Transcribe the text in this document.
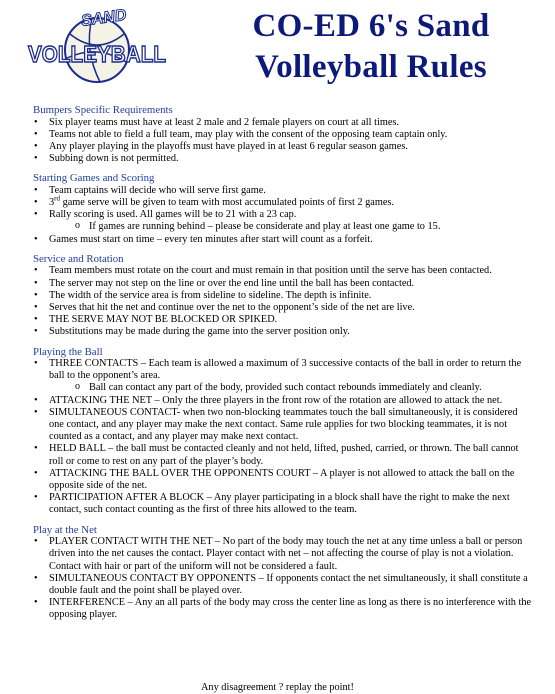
SAND
VOLLEYBALL
CO-ED 6's Sand
Volleyball Rules
Bumpers Specific Requirements
• Six player teams must have at least 2 male and 2 female players on court at all times.
• Teams not able to field a full team, may play with the consent of the opposing team captain only.
• Any player playing in the playoffs must have played in at least 6 regular season games.
• Subbing down is not permitted.
Starting Games and Scoring
• Team captains will decide who will serve first game.
• 3rd game serve will be given to team with most accumulated points of first 2 games.
• Rally scoring is used. All games will be to 21 with a 23 cap.
o If games are running behind – please be considerate and play at least one game to 15.
• Games must start on time – every ten minutes after start will count as a forfeit.
Service and Rotation
• Team members must rotate on the court and must remain in that position until the serve has been contacted.
• The server may not step on the line or over the end line until the ball has been contacted.
• The width of the service area is from sideline to sideline. The depth is infinite.
• Serves that hit the net and continue over the net to the opponent’s side of the net are live.
• THE SERVE MAY NOT BE BLOCKED OR SPIKED.
• Substitutions may be made during the game into the server position only.
Playing the Ball
• THREE CONTACTS – Each team is allowed a maximum of 3 successive contacts of the ball in order to return the ball to the opponent’s area.
o Ball can contact any part of the body, provided such contact rebounds immediately and cleanly.
• ATTACKING THE NET – Only the three players in the front row of the rotation are allowed to attack the net.
• SIMULTANEOUS CONTACT- when two non-blocking teammates touch the ball simultaneously, it is considered one contact, and any player may make the next contact. Same rule applies for two blocking teammates, it is not counted as a contact, and any player may make next contact.
• HELD BALL – the ball must be contacted cleanly and not held, lifted, pushed, carried, or thrown. The ball cannot roll or come to rest on any part of the player’s body.
• ATTACKING THE BALL OVER THE OPPONENTS COURT – A player is not allowed to attack the ball on the opposite side of the net.
• PARTICIPATION AFTER A BLOCK – Any player participating in a block shall have the right to make the next contact, such contact counting as the first of three hits allowed to the team.
Play at the Net
• PLAYER CONTACT WITH THE NET – No part of the body may touch the net at any time unless a ball or person driven into the net causes the contact. Player contact with net – not affecting the course of play is not a violation. Contact with hair or part of the uniform will not be considered a fault.
• SIMULTANEOUS CONTACT BY OPPONENTS – If opponents contact the net simultaneously, it shall constitute a double fault and the point shall be played over.
• INTERFERENCE – Any an all parts of the body may cross the center line as long as there is no interference with the opposing player.
Any disagreement ? replay the point!
